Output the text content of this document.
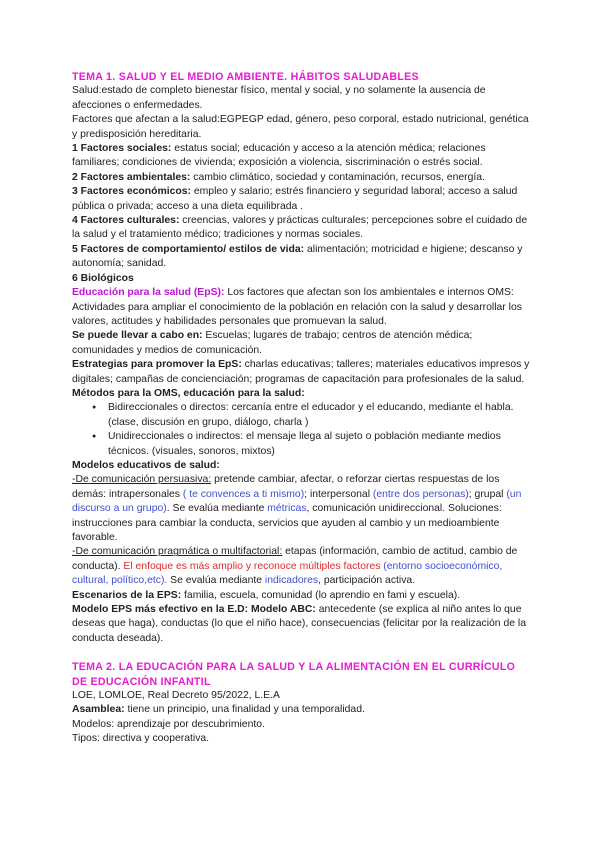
TEMA 1. SALUD Y EL MEDIO AMBIENTE. HÁBITOS SALUDABLES

Salud:estado de completo bienestar físico, mental y social, y no solamente la ausencia de afecciones o enfermedades.

Factores que afectan a la salud:EGPEGP edad, género, peso corporal, estado nutricional, genética y predisposición hereditaria.

1 Factores sociales: estatus social; educación y acceso a la atención médica; relaciones familiares; condiciones de vivienda; exposición a violencia, siscriminación o estrés social.

2 Factores ambientales: cambio climático, sociedad y contaminación, recursos, energía.

3 Factores económicos: empleo y salario; estrés financiero y seguridad laboral; acceso a salud pública o privada; acceso a una dieta equilibrada .

4 Factores culturales: creencias, valores y prácticas culturales; percepciones sobre el cuidado de la salud y el tratamiento médico; tradiciones y normas sociales.

5 Factores de comportamiento/ estilos de vida: alimentación; motricidad e higiene; descanso y autonomía; sanidad.

6 Biológicos

Educación para la salud (EpS): Los factores que afectan son los ambientales e internos OMS: Actividades para ampliar el conocimiento de la población en relación con la salud y desarrollar los valores, actitudes y habilidades personales que promuevan la salud.

Se puede llevar a cabo en: Escuelas; lugares de trabajo; centros de atención médica; comunidades y medios de comunicación.

Estrategias para promover la EpS: charlas educativas; talleres; materiales educativos impresos y digitales; campañas de concienciación; programas de capacitación para profesionales de la salud.

Métodos para la OMS, educación para la salud:

● Bidireccionales o directos: cercanía entre el educador y el educando, mediante el habla. (clase, discusión en grupo, diálogo, charla )
● Unidireccionales o indirectos: el mensaje llega al sujeto o población mediante medios técnicos. (visuales, sonoros, mixtos)

Modelos educativos de salud:

-De comunicación persuasiva: pretende cambiar, afectar, o reforzar ciertas respuestas de los demás: intrapersonales ( te convences a ti mismo); interpersonal (entre dos personas); grupal (un discurso a un grupo). Se evalúa mediante métricas, comunicación unidireccional. Soluciones: instrucciones para cambiar la conducta, servicios que ayuden al cambio y un medioambiente favorable.

-De comunicación pragmática o multifactorial: etapas (información, cambio de actitud, cambio de conducta). El enfoque es más amplio y reconoce múltiples factores (entorno socioeconómico, cultural, político,etc). Se evalúa mediante indicadores, participación activa.

Escenarios de la EPS: familia, escuela, comunidad (lo aprendio en fami y escuela).

Modelo EPS más efectivo en la E.D: Modelo ABC: antecedente (se explica al niño antes lo que deseas que haga), conductas (lo que el niño hace), consecuencias (felicitar por la realización de la conducta deseada).

TEMA 2. LA EDUCACIÓN PARA LA SALUD Y LA ALIMENTACIÓN EN EL CURRÍCULO DE EDUCACIÓN INFANTIL

LOE, LOMLOE, Real Decreto 95/2022, L.E.A

Asamblea: tiene un principio, una finalidad y una temporalidad.

Modelos: aprendizaje por descubrimiento.

Tipos: directiva y cooperativa.
